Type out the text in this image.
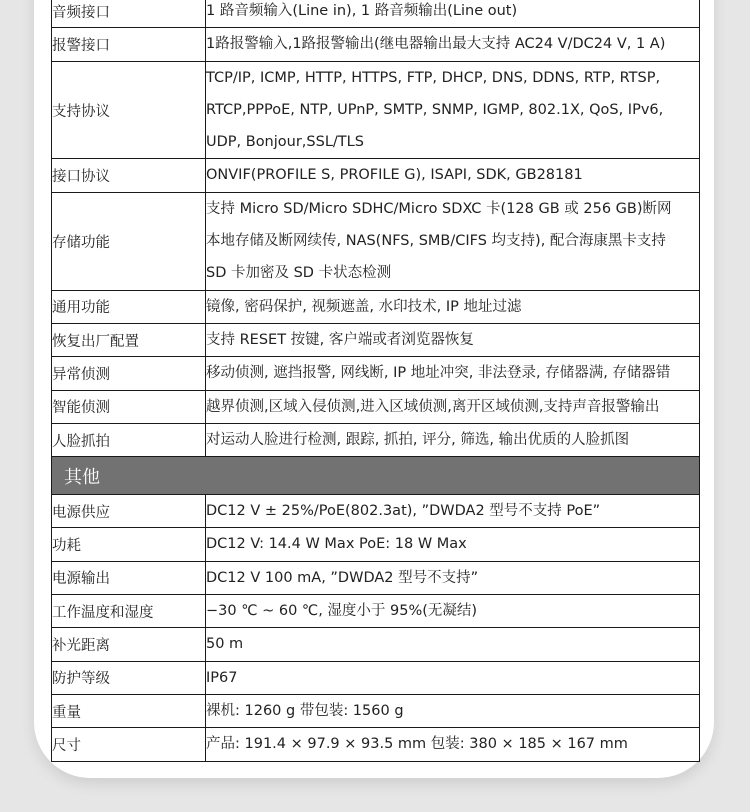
音频接口	1 路音频输入(Line in), 1 路音频输出(Line out)

报警接口	1路报警输入,1路报警输出(继电器输出最大支持 AC24 V/DC24 V, 1 A)

支持协议	TCP/IP, ICMP, HTTP, HTTPS, FTP, DHCP, DNS, DDNS, RTP, RTSP,
RTCP,PPPoE, NTP, UPnP, SMTP, SNMP, IGMP, 802.1X, QoS, IPv6,
UDP, Bonjour,SSL/TLS

接口协议	ONVIF(PROFILE S, PROFILE G), ISAPI, SDK, GB28181

存储功能	支持 Micro SD/Micro SDHC/Micro SDXC 卡(128 GB 或 256 GB)断网
本地存储及断网续传, NAS(NFS, SMB/CIFS 均支持), 配合海康黑卡支持
SD 卡加密及 SD 卡状态检测

通用功能	镜像, 密码保护, 视频遮盖, 水印技术, IP 地址过滤

恢复出厂配置	支持 RESET 按键, 客户端或者浏览器恢复

异常侦测	移动侦测, 遮挡报警, 网线断, IP 地址冲突, 非法登录, 存储器满, 存储器错

智能侦测	越界侦测,区域入侵侦测,进入区域侦测,离开区域侦测,支持声音报警输出

人脸抓拍	对运动人脸进行检测, 跟踪, 抓拍, 评分, 筛选, 输出优质的人脸抓图

其他	
电源供应	DC12 V ± 25%/PoE(802.3at), ”DWDA2 型号不支持 PoE”

功耗	DC12 V: 14.4 W Max PoE: 18 W Max

电源输出	DC12 V 100 mA, ”DWDA2 型号不支持”

工作温度和湿度	−30 ℃ ~ 60 ℃, 湿度小于 95%(无凝结)

补光距离	50 m

防护等级	IP67

重量	裸机: 1260 g 带包装: 1560 g

尺寸	产品: 191.4 × 97.9 × 93.5 mm 包装: 380 × 185 × 167 mm
